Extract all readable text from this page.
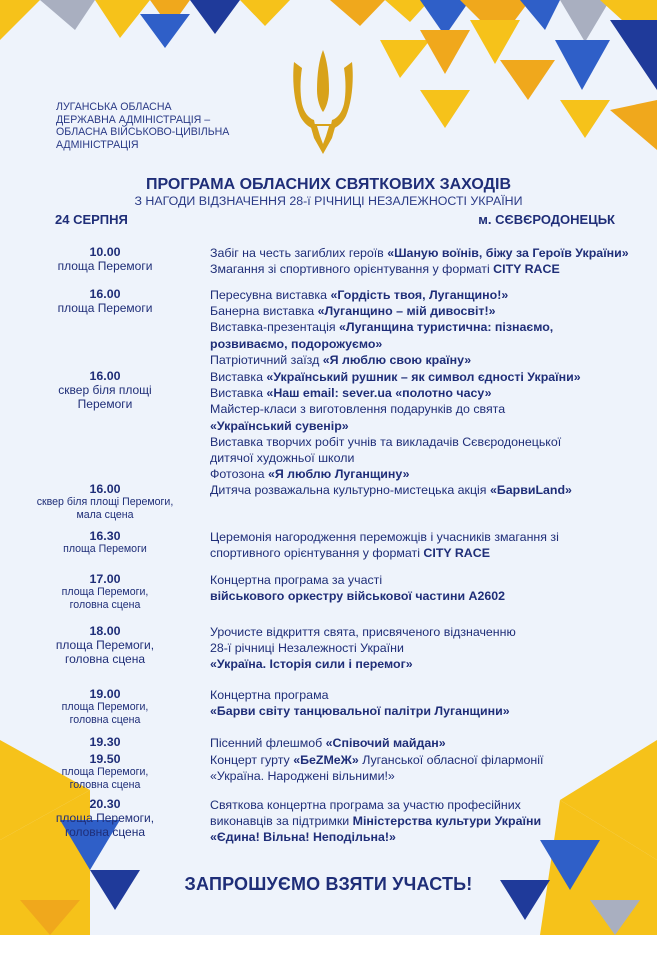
ЛУГАНСЬКА ОБЛАСНА
ДЕРЖАВНА АДМІНІСТРАЦІЯ –
ОБЛАСНА ВІЙСЬКОВО-ЦИВІЛЬНА
АДМІНІСТРАЦІЯ
ПРОГРАМА ОБЛАСНИХ СВЯТКОВИХ ЗАХОДІВ
З НАГОДИ ВІДЗНАЧЕННЯ 28-ї РІЧНИЦІ НЕЗАЛЕЖНОСТІ УКРАЇНИ
24 СЕРПНЯ	м. СЄВЄРОДОНЕЦЬК
10.00
площа Перемоги
Забіг на честь загиблих героїв «Шаную воїнів, біжу за Героїв України»
Змагання зі спортивного орієнтування у форматі CITY RACE
16.00
площа Перемоги
Пересувна виставка «Гордість твоя, Луганщино!»
Банерна виставка «Луганщино – мій дивосвіт!»
Виставка-презентація «Луганщина туристична: пізнаємо,
розвиваємо, подорожуємо»
Патріотичний заїзд «Я люблю свою країну»
16.00
сквер біля площі
Перемоги
Виставка «Український рушник – як символ єдності України»
Виставка «Наш email: sever.ua «полотно часу»
Майстер-класи з виготовлення подарунків до свята
«Український сувенір»
Виставка творчих робіт учнів та викладачів Сєвєродонецької
дитячої художньої школи
Фотозона «Я люблю Луганщину»
16.00
сквер біля площі Перемоги,
мала сцена
Дитяча розважальна культурно-мистецька акція «БарвиLand»
16.30
площа Перемоги
Церемонія нагородження переможців і учасників змагання зі
спортивного орієнтування у форматі CITY RACE
17.00
площа Перемоги,
головна сцена
Концертна програма за участі
військового оркестру військової частини А2602
18.00
площа Перемоги,
головна сцена
Урочисте відкриття свята, присвяченого відзначенню
28-ї річниці Незалежності України
«Україна. Історія сили і перемог»
19.00
площа Перемоги,
головна сцена
Концертна програма
«Барви світу танцювальної палітри Луганщини»
19.30	Пісенний флешмоб «Співочий майдан»
19.50
площа Перемоги,
головна сцена
Концерт гурту «БеZМеЖ» Луганської обласної філармонії
«Україна. Народжені вільними!»
20.30
площа Перемоги,
головна сцена
Святкова концертна програма за участю професійних
виконавців за підтримки Міністерства культури України
«Єдина! Вільна! Неподільна!»
ЗАПРОШУЄМО ВЗЯТИ УЧАСТЬ!
